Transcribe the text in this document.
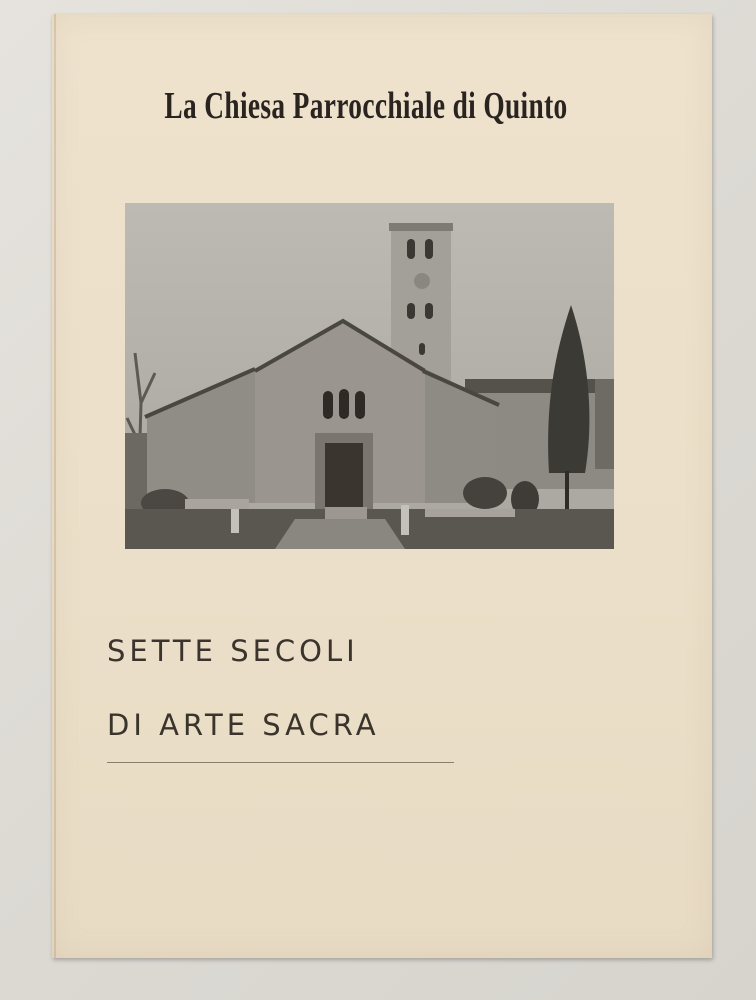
La Chiesa Parrocchiale di Quinto
SETTE SECOLI
DI ARTE SACRA
